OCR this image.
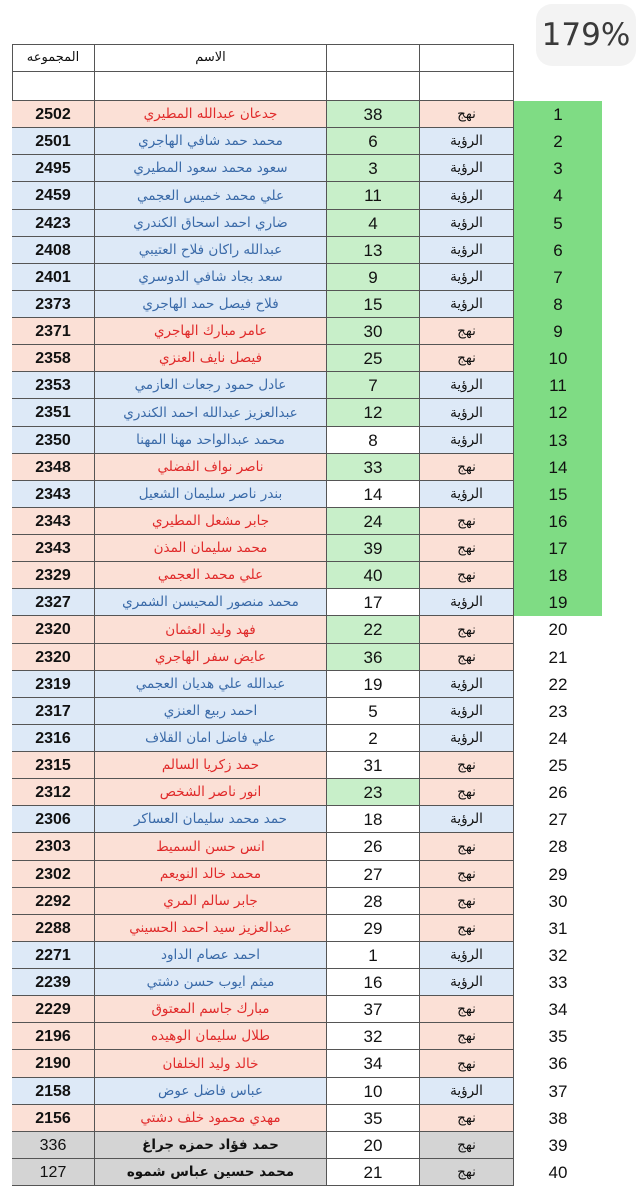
179%
المجموعه	الاسم
2502	جدعان عبدالله المطيري	38	نهج	1
2501	محمد حمد شافي الهاجري	6	الرؤية	2
2495	سعود محمد سعود المطيري	3	الرؤية	3
2459	علي محمد خميس العجمي	11	الرؤية	4
2423	ضاري احمد اسحاق الكندري	4	الرؤية	5
2408	عبدالله راكان فلاح العتيبي	13	الرؤية	6
2401	سعد بجاد شافي الدوسري	9	الرؤية	7
2373	فلاح فيصل حمد الهاجري	15	الرؤية	8
2371	عامر مبارك الهاجري	30	نهج	9
2358	فيصل نايف العنزي	25	نهج	10
2353	عادل حمود رجعات العازمي	7	الرؤية	11
2351	عبدالعزيز عبدالله احمد الكندري	12	الرؤية	12
2350	محمد عبدالواحد مهنا المهنا	8	الرؤية	13
2348	ناصر نواف الفضلي	33	نهج	14
2343	بندر ناصر سليمان الشعيل	14	الرؤية	15
2343	جابر مشعل المطيري	24	نهج	16
2343	محمد سليمان المذن	39	نهج	17
2329	علي محمد العجمي	40	نهج	18
2327	محمد منصور المحيسن الشمري	17	الرؤية	19
2320	فهد وليد العثمان	22	نهج	20
2320	عايض سفر الهاجري	36	نهج	21
2319	عبدالله علي هديان العجمي	19	الرؤية	22
2317	احمد ربيع العنزي	5	الرؤية	23
2316	علي فاضل امان القلاف	2	الرؤية	24
2315	حمد زكريا السالم	31	نهج	25
2312	انور ناصر الشخص	23	نهج	26
2306	حمد محمد سليمان العساكر	18	الرؤية	27
2303	انس حسن السميط	26	نهج	28
2302	محمد خالد النويعم	27	نهج	29
2292	جابر سالم المري	28	نهج	30
2288	عبدالعزيز سيد احمد الحسيني	29	نهج	31
2271	احمد عصام الداود	1	الرؤية	32
2239	ميثم ايوب حسن دشتي	16	الرؤية	33
2229	مبارك جاسم المعتوق	37	نهج	34
2196	طلال سليمان الوهيده	32	نهج	35
2190	خالد وليد الخلفان	34	نهج	36
2158	عباس فاضل عوض	10	الرؤية	37
2156	مهدي محمود خلف دشتي	35	نهج	38
336	حمد فؤاد حمزه جراغ	20	نهج	39
127	محمد حسين عباس شموه	21	نهج	40
